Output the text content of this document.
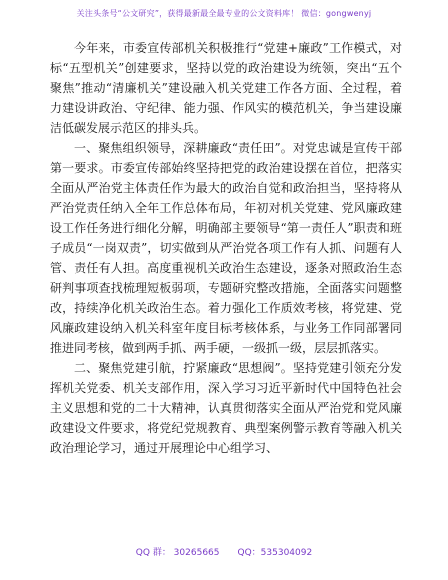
关注头条号“公文研究”，获得最新最全最专业的公文资料库！ 微信：gongwenyj

今年来，市委宣传部机关积极推行“党建+廉政”工作模式，对标“五型机关”创建要求，坚持以党的政治建设为统领，突出“五个聚焦”推动“清廉机关”建设融入机关党建工作各方面、全过程，着力建设讲政治、守纪律、能力强、作风实的模范机关，争当建设廉洁低碳发展示范区的排头兵。

一、聚焦组织领导，深耕廉政“责任田”。对党忠诚是宣传干部第一要求。市委宣传部始终坚持把党的政治建设摆在首位，把落实全面从严治党主体责任作为最大的政治自觉和政治担当，坚持将从严治党责任纳入全年工作总体布局，年初对机关党建、党风廉政建设工作任务进行细化分解，明确部主要领导“第一责任人”职责和班子成员“一岗双责”，切实做到从严治党各项工作有人抓、问题有人管、责任有人担。高度重视机关政治生态建设，逐条对照政治生态研判事项查找梳理短板弱项，专题研究整改措施，全面落实问题整改，持续净化机关政治生态。着力强化工作质效考核，将党建、党风廉政建设纳入机关科室年度目标考核体系，与业务工作同部署同推进同考核，做到两手抓、两手硬，一级抓一级，层层抓落实。

二、聚焦党建引航，拧紧廉政“思想阀”。坚持党建引领充分发挥机关党委、机关支部作用，深入学习习近平新时代中国特色社会主义思想和党的二十大精神，认真贯彻落实全面从严治党和党风廉政建设文件要求，将党纪党规教育、典型案例警示教育等融入机关政治理论学习，通过开展理论中心组学习、

QQ 群： 30265665 QQ：535304092
